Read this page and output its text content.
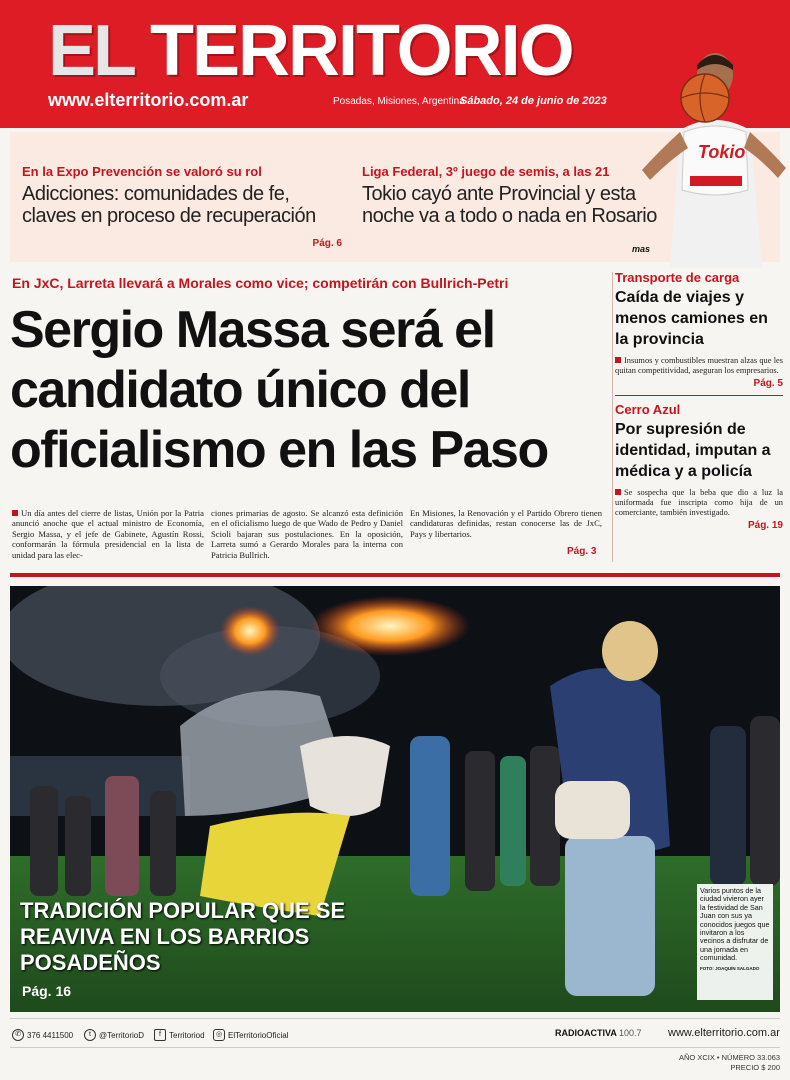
EL TERRITORIO
www.elterritorio.com.ar	Posadas, Misiones, Argentina
Sábado, 24 de junio de 2023
En la Expo Prevención se valoró su rol
Adicciones: comunidades de fe, claves en proceso de recuperación
Pág. 6
Liga Federal, 3º juego de semis, a las 21
Tokio cayó ante Provincial y esta noche va a todo o nada en Rosario
mas
Tokio
En JxC, Larreta llevará a Morales como vice; competirán con Bullrich-Petri
Sergio Massa será el candidato único del oficialismo en las Paso
Un día antes del cierre de listas, Unión por la Patria anunció anoche que el actual ministro de Economía, Sergio Massa, y el jefe de Gabinete, Agustín Rossi, conformarán la fórmula presidencial en la lista de unidad para las elec-
ciones primarias de agosto. Se alcanzó esta definición en el oficialismo luego de que Wado de Pedro y Daniel Scioli bajaran sus postulaciones. En la oposición, Larreta sumó a Gerardo Morales para la interna con Patricia Bullrich.
En Misiones, la Renovación y el Partido Obrero tienen candidaturas definidas, restan conocerse las de JxC, Pays y libertarios.
Pág. 3
Transporte de carga
Caída de viajes y menos camiones en la provincia
Insumos y combustibles muestran alzas que les quitan competitividad, aseguran los empresarios.
Pág. 5
Cerro Azul
Por supresión de identidad, imputan a médica y a policía
Se sospecha que la beba que dio a luz la uniformada fue inscripta como hija de un comerciante, también investigado.
Pág. 19
Varios puntos de la ciudad vivieron ayer la festividad de San Juan con sus ya conocidos juegos que invitaron a los vecinos a disfrutar de una jornada en comunidad.
FOTO: JOAQUÍN SALGADO
TRADICIÓN POPULAR QUE SE REAVIVA EN LOS BARRIOS POSADEÑOS
Pág. 16
✆ 376 4411500	t	@TerritorioD	f	Territoriod	◎ ElTerritorioOficial	RADIOACTIVA 100.7 www.elterritorio.com.ar
AÑO XCIX • NÚMERO 33.063
PRECIO $ 200
